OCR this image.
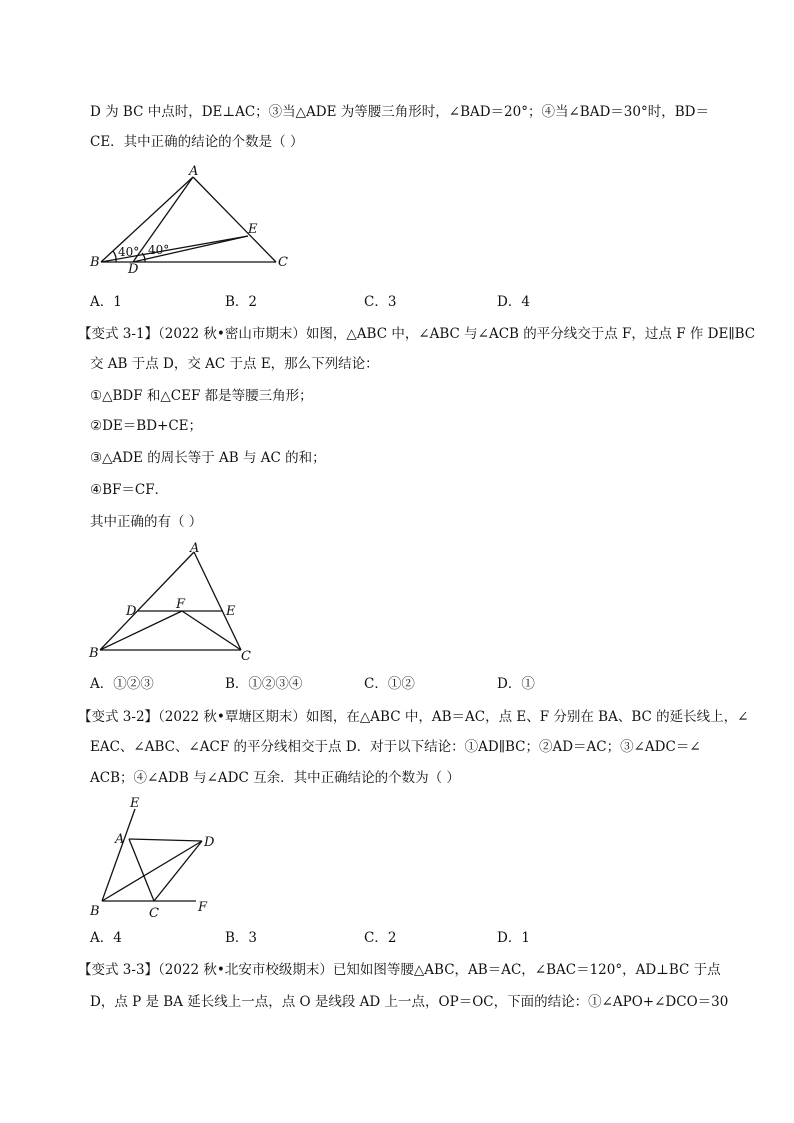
D 为 BC 中点时，DE⊥AC；③当△ADE 为等腰三角形时，∠BAD＝20°；④当∠BAD＝30°时，BD＝
CE．其中正确的结论的个数是（ ）
A
B	C
D
E
40° 40°
A．1	B．2	C．3	D．4
【变式 3-1】（2022 秋•密山市期末）如图，△ABC 中，∠ABC 与∠ACB 的平分线交于点 F，过点 F 作 DE∥BC
交 AB 于点 D，交 AC 于点 E，那么下列结论：
①△BDF 和△CEF 都是等腰三角形；
②DE＝BD+CE；
③△ADE 的周长等于 AB 与 AC 的和；
④BF＝CF．
其中正确的有（ ）
A
B	C
D	E
F
A．①②③	B．①②③④	C．①②	D．①
【变式 3-2】（2022 秋•覃塘区期末）如图，在△ABC 中，AB＝AC，点 E、F 分别在 BA、BC 的延长线上，∠
EAC、∠ABC、∠ACF 的平分线相交于点 D．对于以下结论：①AD∥BC；②AD＝AC；③∠ADC＝∠
ACB；④∠ADB 与∠ADC 互余．其中正确结论的个数为（ ）
E
A	D
B	C	F
A．4	B．3	C．2	D．1
【变式 3-3】（2022 秋•北安市校级期末）已知如图等腰△ABC，AB＝AC，∠BAC＝120°，AD⊥BC 于点
D，点 P 是 BA 延长线上一点，点 O 是线段 AD 上一点，OP＝OC，下面的结论：①∠APO+∠DCO＝30
